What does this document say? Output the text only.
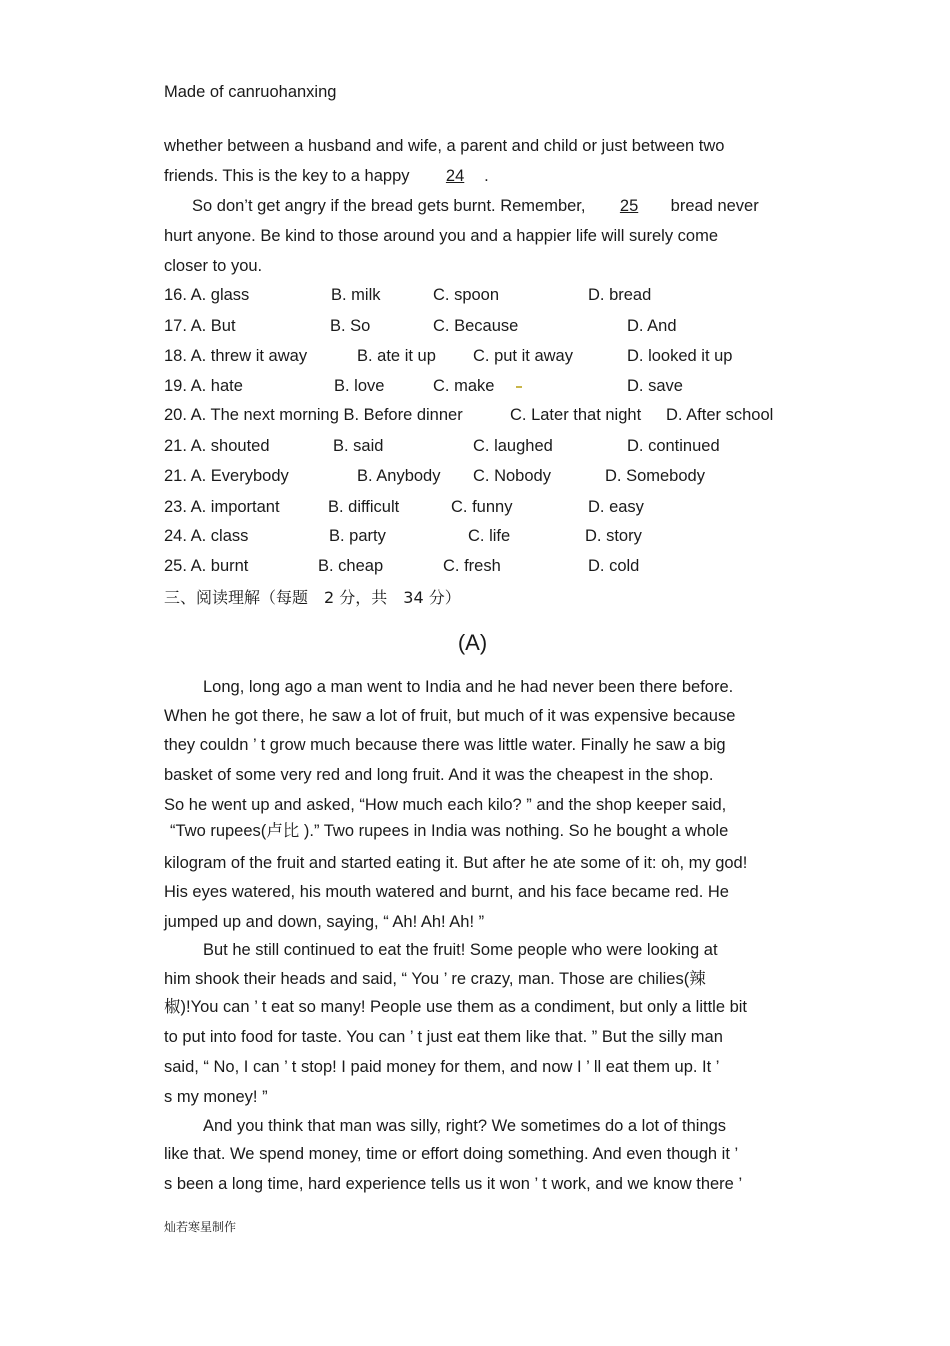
Made of canruohanxing
whether between a husband and wife, a parent and child or just between two
friends. This is the key to a happy 24 .
So don’t get angry if the bread gets burnt. Remember, 25 bread never
hurt anyone. Be kind to those around you and a happier life will surely come
closer to you.
16. A. glass	B. milk	C. spoon	D. bread
17. A. But	B. So	C. Because	D. And
18. A. threw it away	B. ate it up C. put it away	D. looked it up
19. A. hate	B. love	C. make	D. save
20. A. The next morning B. Before dinner	C. Later that night D. After school
21. A. shouted	B. said	C. laughed	D. continued
21. A. Everybody	B. Anybody C. Nobody	D. Somebody
23. A. important	B. difficult	C. funny	D. easy
24. A. class	B. party	C. life	D. story
25. A. burnt	B. cheap	C. fresh	D. cold
三、阅读理解（每题　2 分，共　34 分）
(A)
Long, long ago a man went to India and he had never been there before.
When he got there, he saw a lot of fruit, but much of it was expensive because
they couldn ’ t grow much because there was little water. Finally he saw a big
basket of some very red and long fruit. And it was the cheapest in the shop.
So he went up and asked, “How much each kilo? ” and the shop keeper said,
“Two rupees(卢比 ).” Two rupees in India was nothing. So he bought a whole
kilogram of the fruit and started eating it. But after he ate some of it: oh, my god!
His eyes watered, his mouth watered and burnt, and his face became red. He
jumped up and down, saying, “ Ah! Ah! Ah! ”
But he still continued to eat the fruit! Some people who were looking at
him shook their heads and said, “ You ’ re crazy, man. Those are chilies(辣
椒)!You can ’ t eat so many! People use them as a condiment, but only a little bit
to put into food for taste. You can ’ t just eat them like that. ” But the silly man
said, “ No, I can ’ t stop! I paid money for them, and now I ’ ll eat them up. It ’
s my money! ”
And you think that man was silly, right? We sometimes do a lot of things
like that. We spend money, time or effort doing something. And even though it ’
s been a long time, hard experience tells us it won ’ t work, and we know there ’
灿若寒星制作
